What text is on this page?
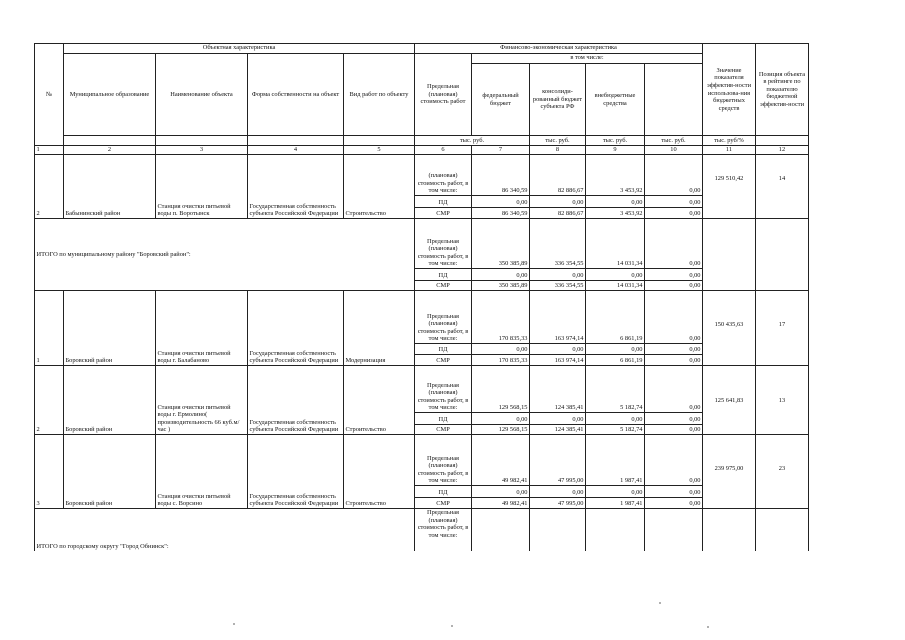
№	Объектная характеристика				Финансово-экономическая характеристика					Значение показателя эффектив-ности использова-ния бюджетных средств	Позиция объекта в рейтинге по показателю бюджетной эффектив-ности
	Муниципальное образование	Наименование объекта	Форма собственности на объект	Вид работ по объекту	Предельная (плановая) стоимость работ	в том числе:					
						федеральный бюджет	консолиди-рованный бюджет субъекта РФ	внебюджетные средства			
					тыс. руб.		тыс. руб.	тыс. руб.	тыс. руб.	тыс. руб/%	
1	2	3	4	5	6	7	8	9	10	11	12
2	Бабынинский район	Станция очистки питьевой воды п. Воротынск	Государственная собственность субъекта Российской Федерации	Строительство	(плановая) стоимость работ, в том числе:	86 340,59	82 886,67	3 453,92	0,00	129 510,42	14
					ПД	0,00	0,00	0,00	0,00		
					СМР	86 340,59	82 886,67	3 453,92	0,00		
ИТОГО по муниципальному району "Боровский район":					Предельная (плановая) стоимость работ, в том числе:	350 385,89	336 354,55	14 031,34	0,00		
					ПД	0,00	0,00	0,00	0,00		
					СМР	350 385,89	336 354,55	14 031,34	0,00		
1	Боровский район	Станция очистки питьевой воды г. Балабаново	Государственная собственность субъекта Российской Федерации	Модернизация	Предельная (плановая) стоимость работ, в том числе:	170 835,33	163 974,14	6 861,19	0,00	150 435,63	17
					ПД	0,00	0,00	0,00	0,00		
					СМР	170 835,33	163 974,14	6 861,19	0,00		
2	Боровский район	Станция очистки питьевой воды г. Ермолино( производительность 66 куб.м/час )	Государственная собственность субъекта Российской Федерации	Строительство	Предельная (плановая) стоимость работ, в том числе:	129 568,15	124 385,41	5 182,74	0,00	125 641,83	13
					ПД	0,00	0,00	0,00	0,00		
					СМР	129 568,15	124 385,41	5 182,74	0,00		
3	Боровский район	Станция очистки питьевой воды с. Ворсино	Государственная собственность субъекта Российской Федерации	Строительство	Предельная (плановая) стоимость работ, в том числе:	49 982,41	47 995,00	1 987,41	0,00	239 975,00	23
					ПД	0,00	0,00	0,00	0,00		
					СМР	49 982,41	47 995,00	1 987,41	0,00		
ИТОГО по городскому округу "Город Обнинск":					Предельная (плановая) стоимость работ, в том числе:						
